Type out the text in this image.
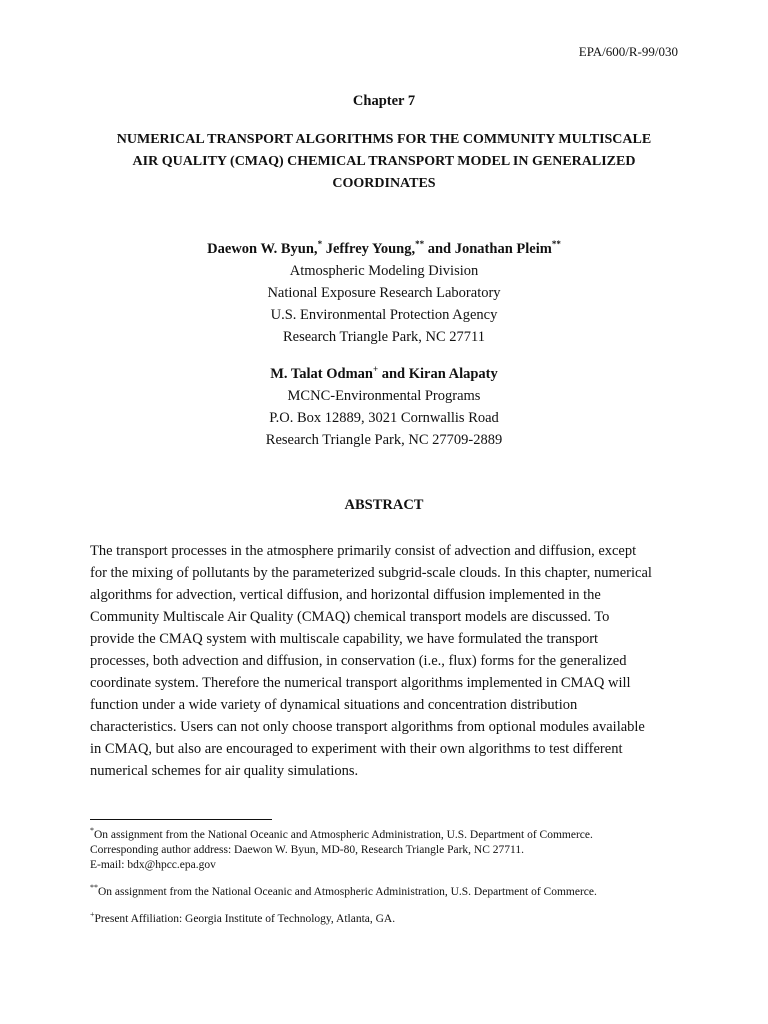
EPA/600/R-99/030
Chapter 7
NUMERICAL TRANSPORT ALGORITHMS FOR THE COMMUNITY MULTISCALE
AIR QUALITY (CMAQ) CHEMICAL TRANSPORT MODEL IN GENERALIZED
COORDINATES
Daewon W. Byun,* Jeffrey Young,** and Jonathan Pleim**
Atmospheric Modeling Division
National Exposure Research Laboratory
U.S. Environmental Protection Agency
Research Triangle Park, NC 27711
M. Talat Odman+ and Kiran Alapaty
MCNC-Environmental Programs
P.O. Box 12889, 3021 Cornwallis Road
Research Triangle Park, NC 27709-2889
ABSTRACT
The transport processes in the atmosphere primarily consist of advection and diffusion, except
for the mixing of pollutants by the parameterized subgrid-scale clouds. In this chapter, numerical
algorithms for advection, vertical diffusion, and horizontal diffusion implemented in the
Community Multiscale Air Quality (CMAQ) chemical transport models are discussed. To
provide the CMAQ system with multiscale capability, we have formulated the transport
processes, both advection and diffusion, in conservation (i.e., flux) forms for the generalized
coordinate system. Therefore the numerical transport algorithms implemented in CMAQ will
function under a wide variety of dynamical situations and concentration distribution
characteristics. Users can not only choose transport algorithms from optional modules available
in CMAQ, but also are encouraged to experiment with their own algorithms to test different
numerical schemes for air quality simulations.
*On assignment from the National Oceanic and Atmospheric Administration, U.S. Department of Commerce.
Corresponding author address: Daewon W. Byun, MD-80, Research Triangle Park, NC 27711.
E-mail: bdx@hpcc.epa.gov
**On assignment from the National Oceanic and Atmospheric Administration, U.S. Department of Commerce.
+Present Affiliation: Georgia Institute of Technology, Atlanta, GA.
